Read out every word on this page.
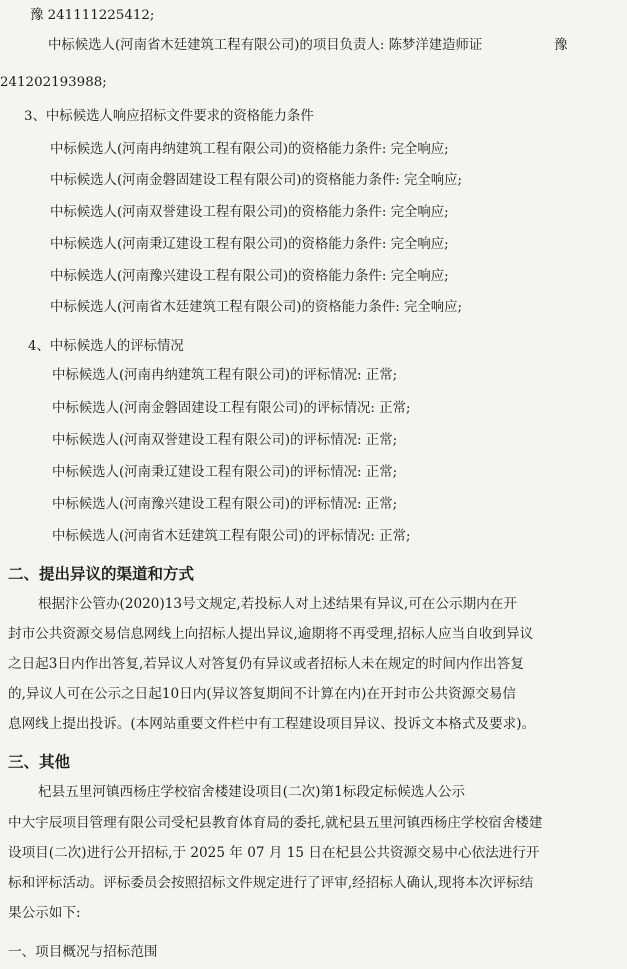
豫 241111225412;
中标候选人(河南省木廷建筑工程有限公司)的项目负责人: 陈梦洋建造师证	豫
241202193988;
3、中标候选人响应招标文件要求的资格能力条件
中标候选人(河南冉纳建筑工程有限公司)的资格能力条件: 完全响应;
中标候选人(河南金磐固建设工程有限公司)的资格能力条件: 完全响应;
中标候选人(河南双誉建设工程有限公司)的资格能力条件: 完全响应;
中标候选人(河南秉辽建设工程有限公司)的资格能力条件: 完全响应;
中标候选人(河南豫兴建设工程有限公司)的资格能力条件: 完全响应;
中标候选人(河南省木廷建筑工程有限公司)的资格能力条件: 完全响应;
4、中标候选人的评标情况
中标候选人(河南冉纳建筑工程有限公司)的评标情况: 正常;
中标候选人(河南金磐固建设工程有限公司)的评标情况: 正常;
中标候选人(河南双誉建设工程有限公司)的评标情况: 正常;
中标候选人(河南秉辽建设工程有限公司)的评标情况: 正常;
中标候选人(河南豫兴建设工程有限公司)的评标情况: 正常;
中标候选人(河南省木廷建筑工程有限公司)的评标情况: 正常;
二、提出异议的渠道和方式
根据汴公管办(2020)13号文规定,若投标人对上述结果有异议,可在公示期内在开
封市公共资源交易信息网线上向招标人提出异议,逾期将不再受理,招标人应当自收到异议
之日起3日内作出答复,若异议人对答复仍有异议或者招标人未在规定的时间内作出答复
的,异议人可在公示之日起10日内(异议答复期间不计算在内)在开封市公共资源交易信
息网线上提出投诉。(本网站重要文件栏中有工程建设项目异议、投诉文本格式及要求)。
三、其他
杞县五里河镇西杨庄学校宿舍楼建设项目(二次)第1标段定标候选人公示
中大宇辰项目管理有限公司受杞县教育体育局的委托,就杞县五里河镇西杨庄学校宿舍楼建
设项目(二次)进行公开招标,于 2025 年 07 月 15 日在杞县公共资源交易中心依法进行开
标和评标活动。评标委员会按照招标文件规定进行了评审,经招标人确认,现将本次评标结
果公示如下:
一、项目概况与招标范围
